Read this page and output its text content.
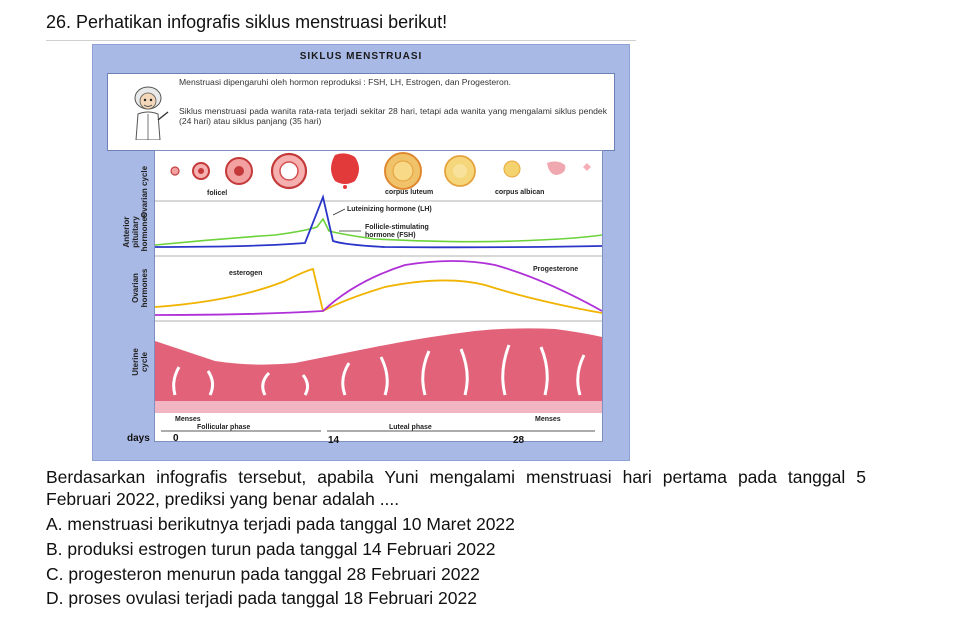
26. Perhatikan infografis siklus menstruasi berikut!
SIKLUS MENSTRUASI
Menstruasi dipengaruhi oleh hormon reproduksi : FSH, LH, Estrogen, dan Progesteron.
Siklus menstruasi pada wanita rata-rata terjadi sekitar 28 hari, tetapi ada wanita yang mengalami siklus pendek (24 hari) atau siklus panjang (35 hari)
Ovarian cycle
Anterior pituitary hormones
Ovarian hormones
Uterine cycle
folicel	corpus luteum	corpus albican
Luteinizing hormone (LH)
Follicle-stimulating
hormone (FSH)
esterogen
Progesterone
Menses	Menses
Follicular phase	Luteal phase
days 0	14	28
Berdasarkan infografis tersebut, apabila Yuni mengalami menstruasi hari pertama pada tanggal 5 Februari 2022, prediksi yang benar adalah ....
A. menstruasi berikutnya terjadi pada tanggal 10 Maret 2022
B. produksi estrogen turun pada tanggal 14 Februari 2022
C. progesteron menurun pada tanggal 28 Februari 2022
D. proses ovulasi terjadi pada tanggal 18 Februari 2022
